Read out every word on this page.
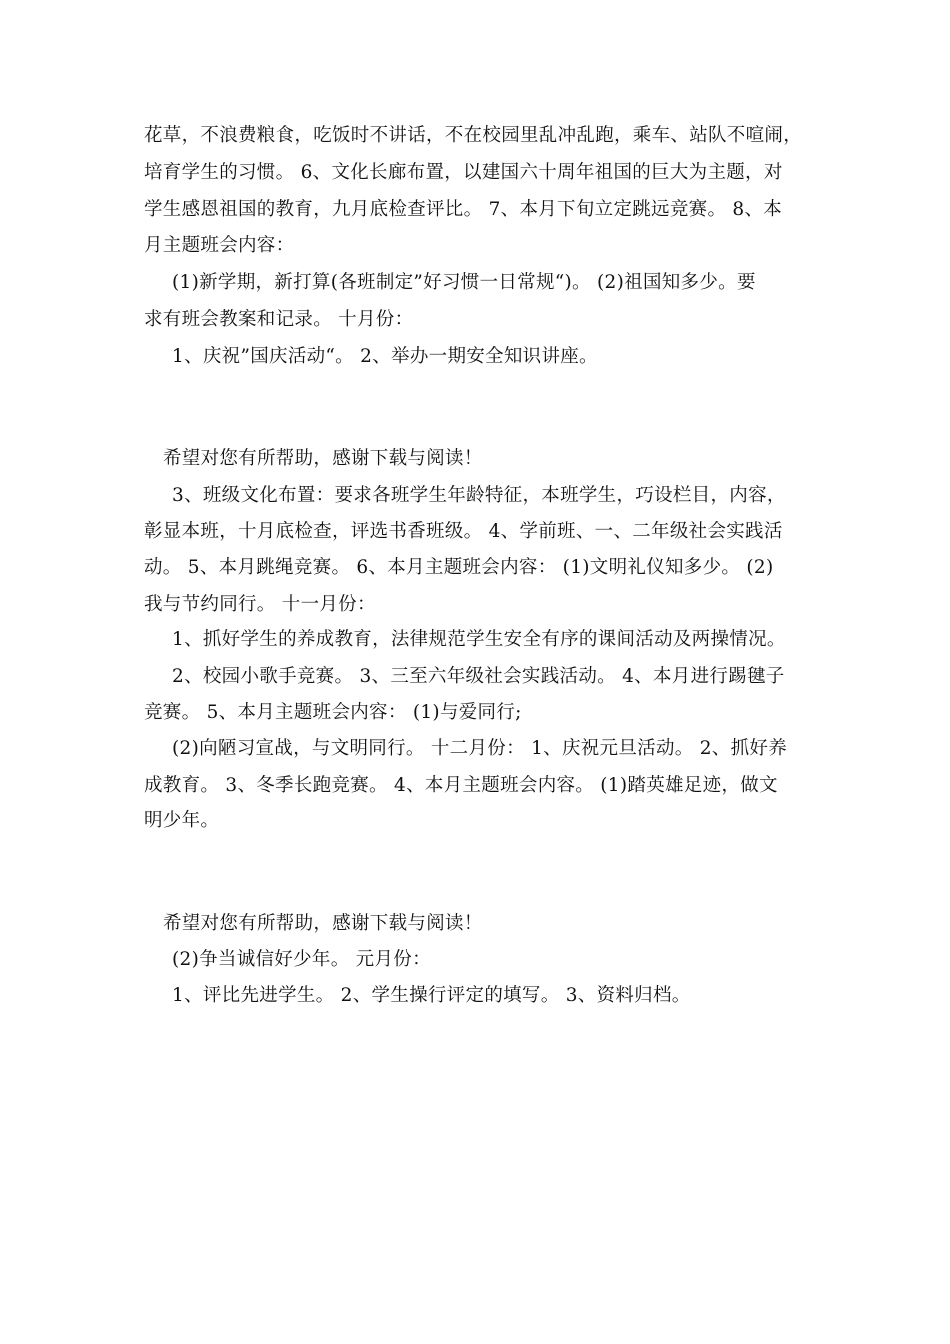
花草，不浪费粮食，吃饭时不讲话，不在校园里乱冲乱跑，乘车、站队不喧闹，
培育学生的习惯。 6、文化长廊布置，以建国六十周年祖国的巨大为主题，对
学生感恩祖国的教育，九月底检查评比。 7、本月下旬立定跳远竞赛。 8、本
月主题班会内容：
(1)新学期，新打算(各班制定”好习惯一日常规“)。 (2)祖国知多少。要
求有班会教案和记录。 十月份：
1、庆祝”国庆活动“。 2、举办一期安全知识讲座。
希望对您有所帮助，感谢下载与阅读！
3、班级文化布置：要求各班学生年龄特征，本班学生，巧设栏目，内容，
彰显本班，十月底检查，评选书香班级。 4、学前班、一、二年级社会实践活
动。 5、本月跳绳竞赛。 6、本月主题班会内容： (1)文明礼仪知多少。 (2)
我与节约同行。 十一月份：
1、抓好学生的养成教育，法律规范学生安全有序的课间活动及两操情况。
2、校园小歌手竞赛。 3、三至六年级社会实践活动。 4、本月进行踢毽子
竞赛。 5、本月主题班会内容： (1)与爱同行;
(2)向陋习宣战，与文明同行。 十二月份： 1、庆祝元旦活动。 2、抓好养
成教育。 3、冬季长跑竞赛。 4、本月主题班会内容。 (1)踏英雄足迹，做文
明少年。
希望对您有所帮助，感谢下载与阅读！
(2)争当诚信好少年。 元月份：
1、评比先进学生。 2、学生操行评定的填写。 3、资料归档。
